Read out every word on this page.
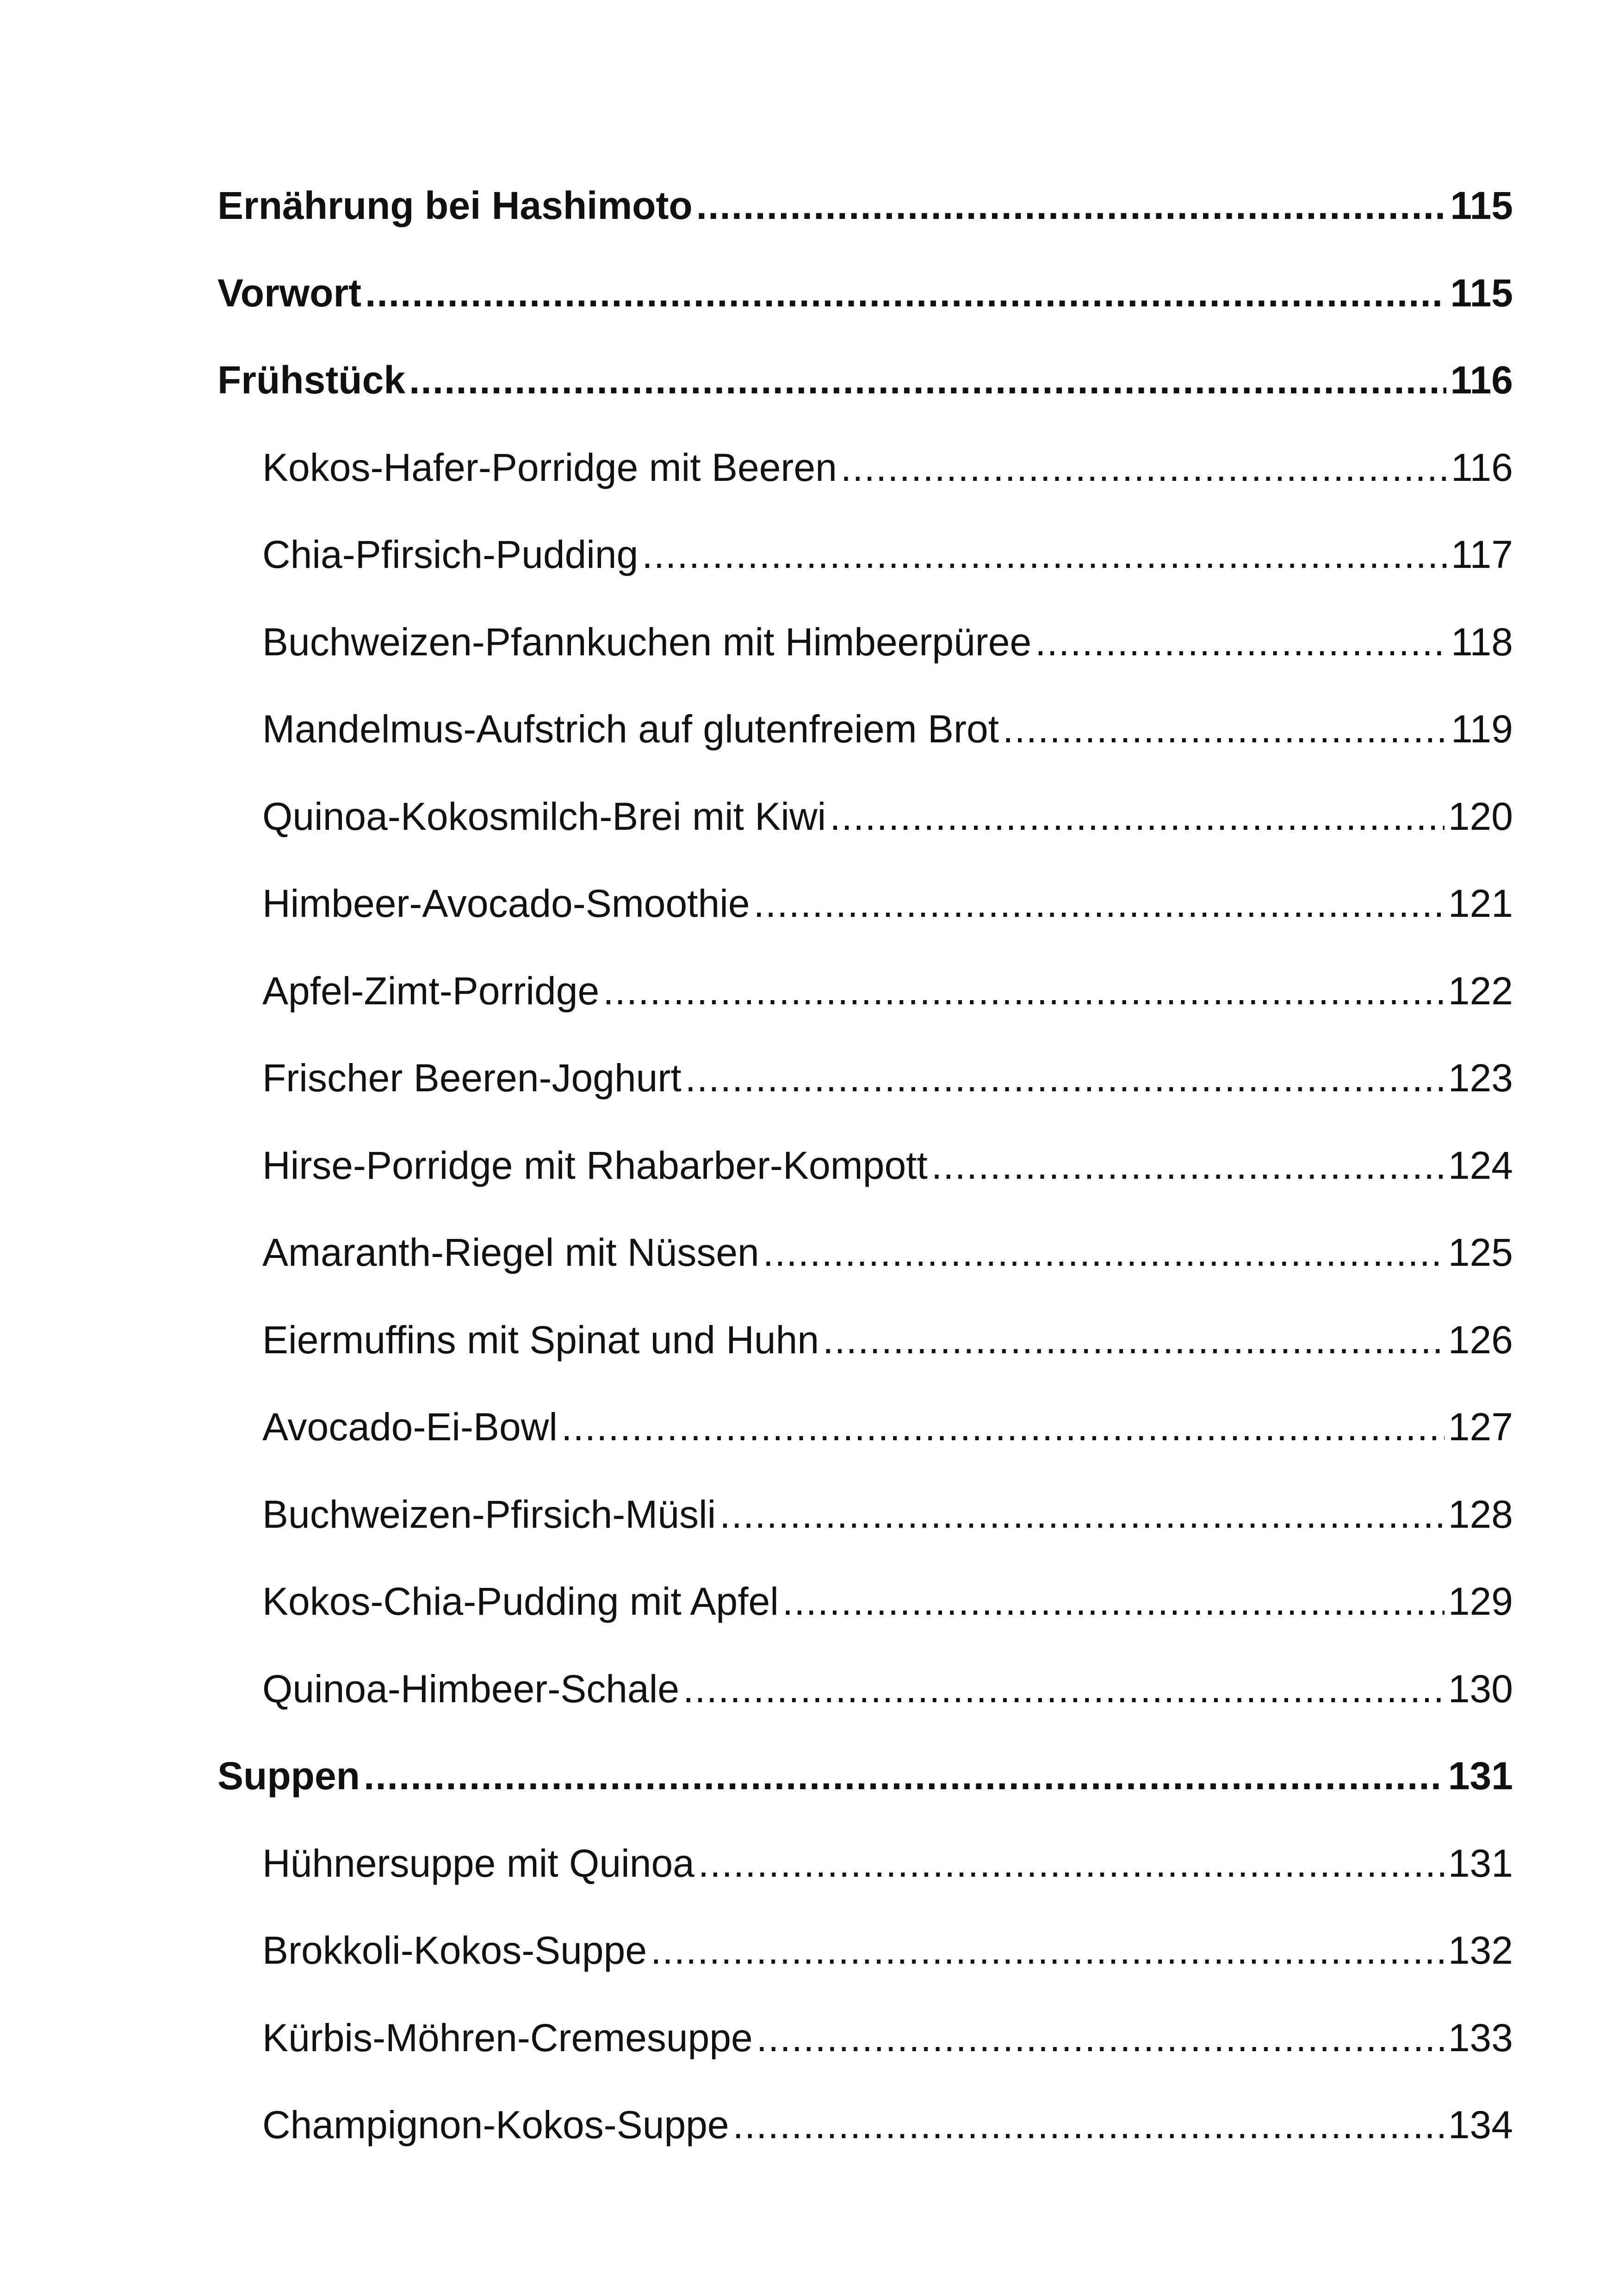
Ernährung bei Hashimoto .....	115
Vorwort .....	115
Frühstück .....	116
Kokos-Hafer-Porridge mit Beeren .....	116
Chia-Pfirsich-Pudding .....	117
Buchweizen-Pfannkuchen mit Himbeerpüree .....	118
Mandelmus-Aufstrich auf glutenfreiem Brot .....	119
Quinoa-Kokosmilch-Brei mit Kiwi .....	120
Himbeer-Avocado-Smoothie .....	121
Apfel-Zimt-Porridge .....	122
Frischer Beeren-Joghurt .....	123
Hirse-Porridge mit Rhabarber-Kompott .....	124
Amaranth-Riegel mit Nüssen .....	125
Eiermuffins mit Spinat und Huhn .....	126
Avocado-Ei-Bowl .....	127
Buchweizen-Pfirsich-Müsli .....	128
Kokos-Chia-Pudding mit Apfel .....	129
Quinoa-Himbeer-Schale .....	130
Suppen .....	131
Hühnersuppe mit Quinoa .....	131
Brokkoli-Kokos-Suppe .....	132
Kürbis-Möhren-Cremesuppe .....	133
Champignon-Kokos-Suppe .....	134
